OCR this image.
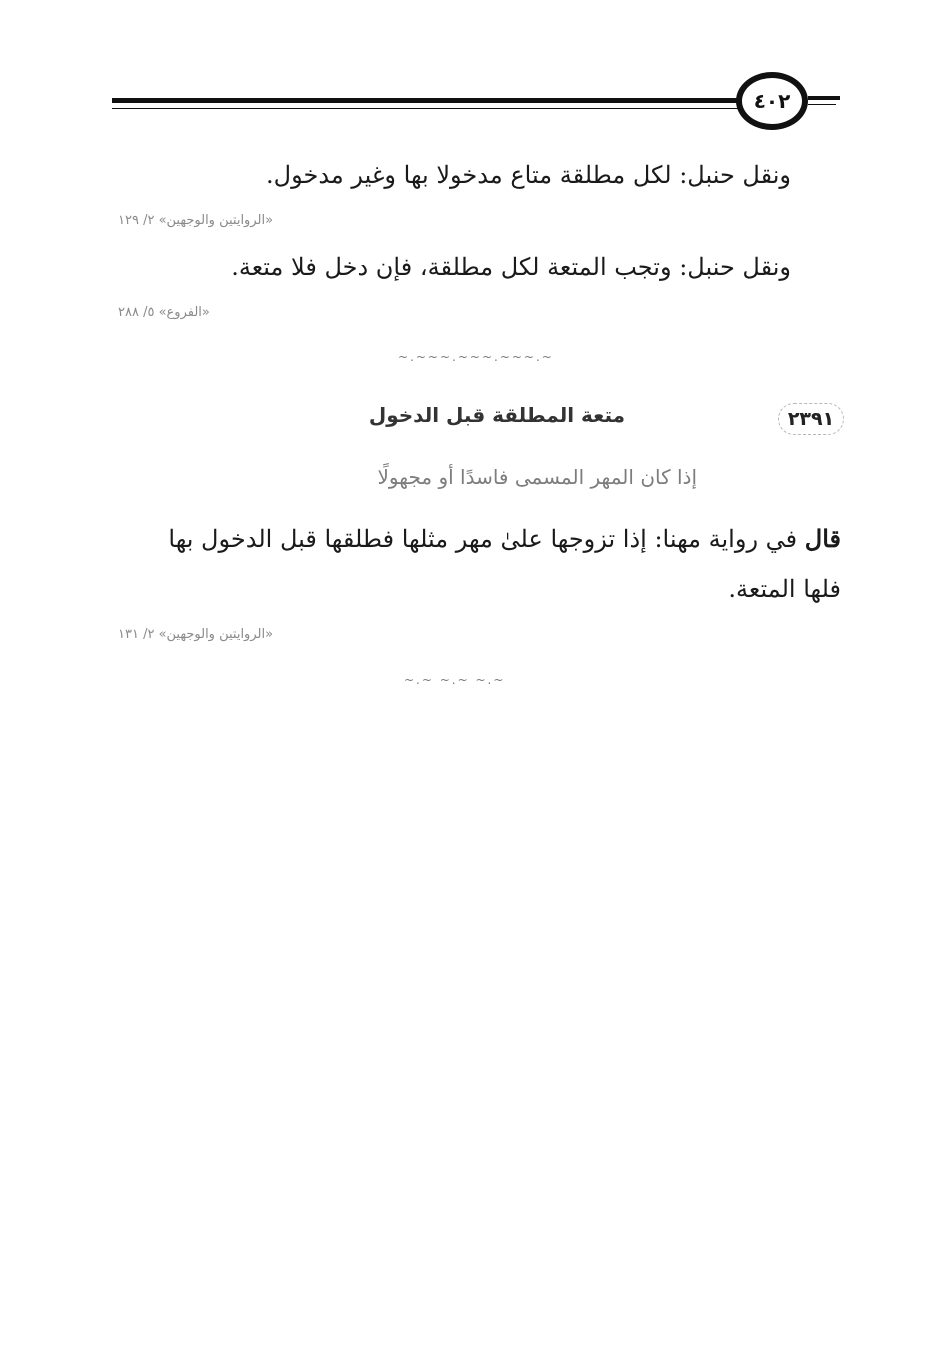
٤٠٢
ونقل حنبل: لكل مطلقة متاع مدخولا بها وغير مدخول.
«الروايتين والوجهين» ٢/ ١٢٩
ونقل حنبل: وتجب المتعة لكل مطلقة، فإن دخل فلا متعة.
«الفروع» ٥/ ٢٨٨
~.~~~.~~~.~~~.~
٢٣٩١
متعة المطلقة قبل الدخول
إذا كان المهر المسمى فاسدًا أو مجهولًا
قال في رواية مهنا: إذا تزوجها علىٰ مهر مثلها فطلقها قبل الدخول بها
فلها المتعة.
«الروايتين والوجهين» ٢/ ١٣١
~.~ ~.~ ~.~
